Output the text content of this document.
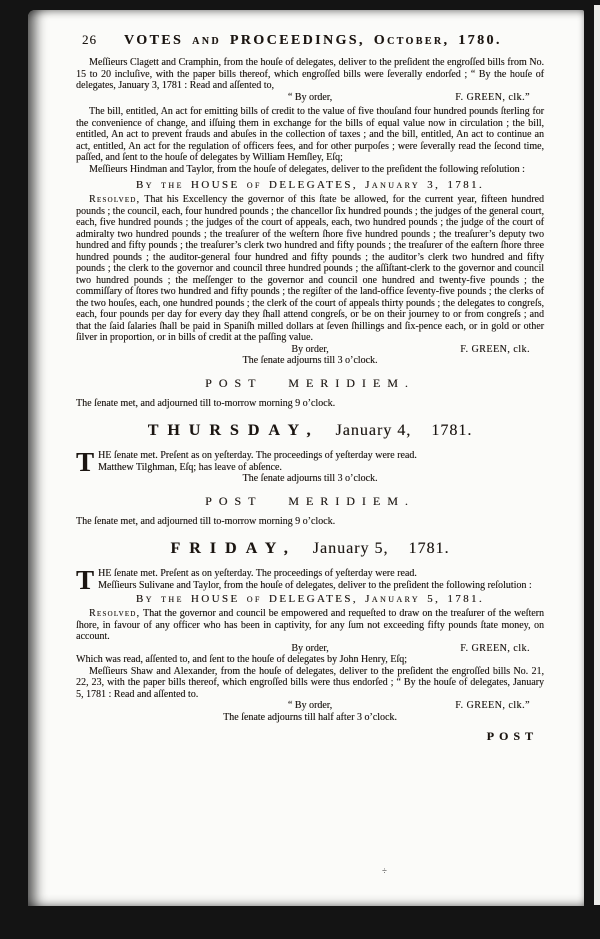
26 VOTES and PROCEEDINGS, October, 1780.
Meſſieurs Clagett and Cramphin, from the houſe of delegates, deliver to the preſident the engroſſed bills from No. 15 to 20 incluſive, with the paper bills thereof, which engroſſed bills were ſeverally endorſed ; “ By the houſe of delegates, January 3, 1781 : Read and aſſented to,
“ By order,	F. GREEN, clk.”
The bill, entitled, An act for emitting bills of credit to the value of five thouſand four hundred pounds ſterling for the convenience of change, and iſſuing them in exchange for the bills of equal value now in circulation ; the bill, entitled, An act to prevent frauds and abuſes in the collection of taxes ; and the bill, entitled, An act to continue an act, entitled, An act for the regulation of officers fees, and for other purpoſes ; were ſeverally read the ſecond time, paſſed, and ſent to the houſe of delegates by William Hemſley, Eſq;
Meſſieurs Hindman and Taylor, from the houſe of delegates, deliver to the preſident the following reſolution :
By the HOUSE of DELEGATES, January 3, 1781.
Resolved, That his Excellency the governor of this ſtate be allowed, for the current year, fifteen hundred pounds ; the council, each, four hundred pounds ; the chancellor ſix hundred pounds ; the judges of the general court, each, five hundred pounds ; the judges of the court of appeals, each, two hundred pounds ; the judge of the court of admiralty two hundred pounds ; the treaſurer of the weſtern ſhore five hundred pounds ; the treaſurer’s deputy two hundred and fifty pounds ; the treaſurer’s clerk two hundred and fifty pounds ; the treaſurer of the eaſtern ſhore three hundred pounds ; the auditor-general four hundred and fifty pounds ; the auditor’s clerk two hundred and fifty pounds ; the clerk to the governor and council three hundred pounds ; the aſſiſtant-clerk to the governor and council two hundred pounds ; the meſſenger to the governor and council one hundred and twenty-five pounds ; the commiſſary of ſtores two hundred and fifty pounds ; the regiſter of the land-office ſeventy-five pounds ; the clerks of the two houſes, each, one hundred pounds ; the clerk of the court of appeals thirty pounds ; the delegates to congreſs, each, four pounds per day for every day they ſhall attend congreſs, or be on their journey to or from congreſs ; and that the ſaid ſalaries ſhall be paid in Spaniſh milled dollars at ſeven ſhillings and ſix-pence each, or in gold or other ſilver in proportion, or in bills of credit at the paſſing value.
By order,	F. GREEN, clk.
The ſenate adjourns till 3 o’clock.
POST MERIDIEM.
The ſenate met, and adjourned till to-morrow morning 9 o’clock.
THURSDAY, January 4, 1781.
THE ſenate met. Preſent as on yeſterday. The proceedings of yeſterday were read.
Matthew Tilghman, Eſq; has leave of abſence.
The ſenate adjourns till 3 o’clock.
POST MERIDIEM.
The ſenate met, and adjourned till to-morrow morning 9 o’clock.
FRIDAY, January 5, 1781.
THE ſenate met. Preſent as on yeſterday. The proceedings of yeſterday were read.
Meſſieurs Sulivane and Taylor, from the houſe of delegates, deliver to the preſident the following reſolution :
By the HOUSE of DELEGATES, January 5, 1781.
Resolved, That the governor and council be empowered and requeſted to draw on the treaſurer of the weſtern ſhore, in favour of any officer who has been in captivity, for any ſum not exceeding fifty pounds ſtate money, on account.
By order,	F. GREEN, clk.
Which was read, aſſented to, and ſent to the houſe of delegates by John Henry, Eſq;
Meſſieurs Shaw and Alexander, from the houſe of delegates, deliver to the preſident the engroſſed bills No. 21, 22, 23, with the paper bills thereof, which engroſſed bills were thus endorſed ; “ By the houſe of delegates, January 5, 1781 : Read and aſſented to.
“ By order,	F. GREEN, clk.”
The ſenate adjourns till half after 3 o’clock.
POST
÷
